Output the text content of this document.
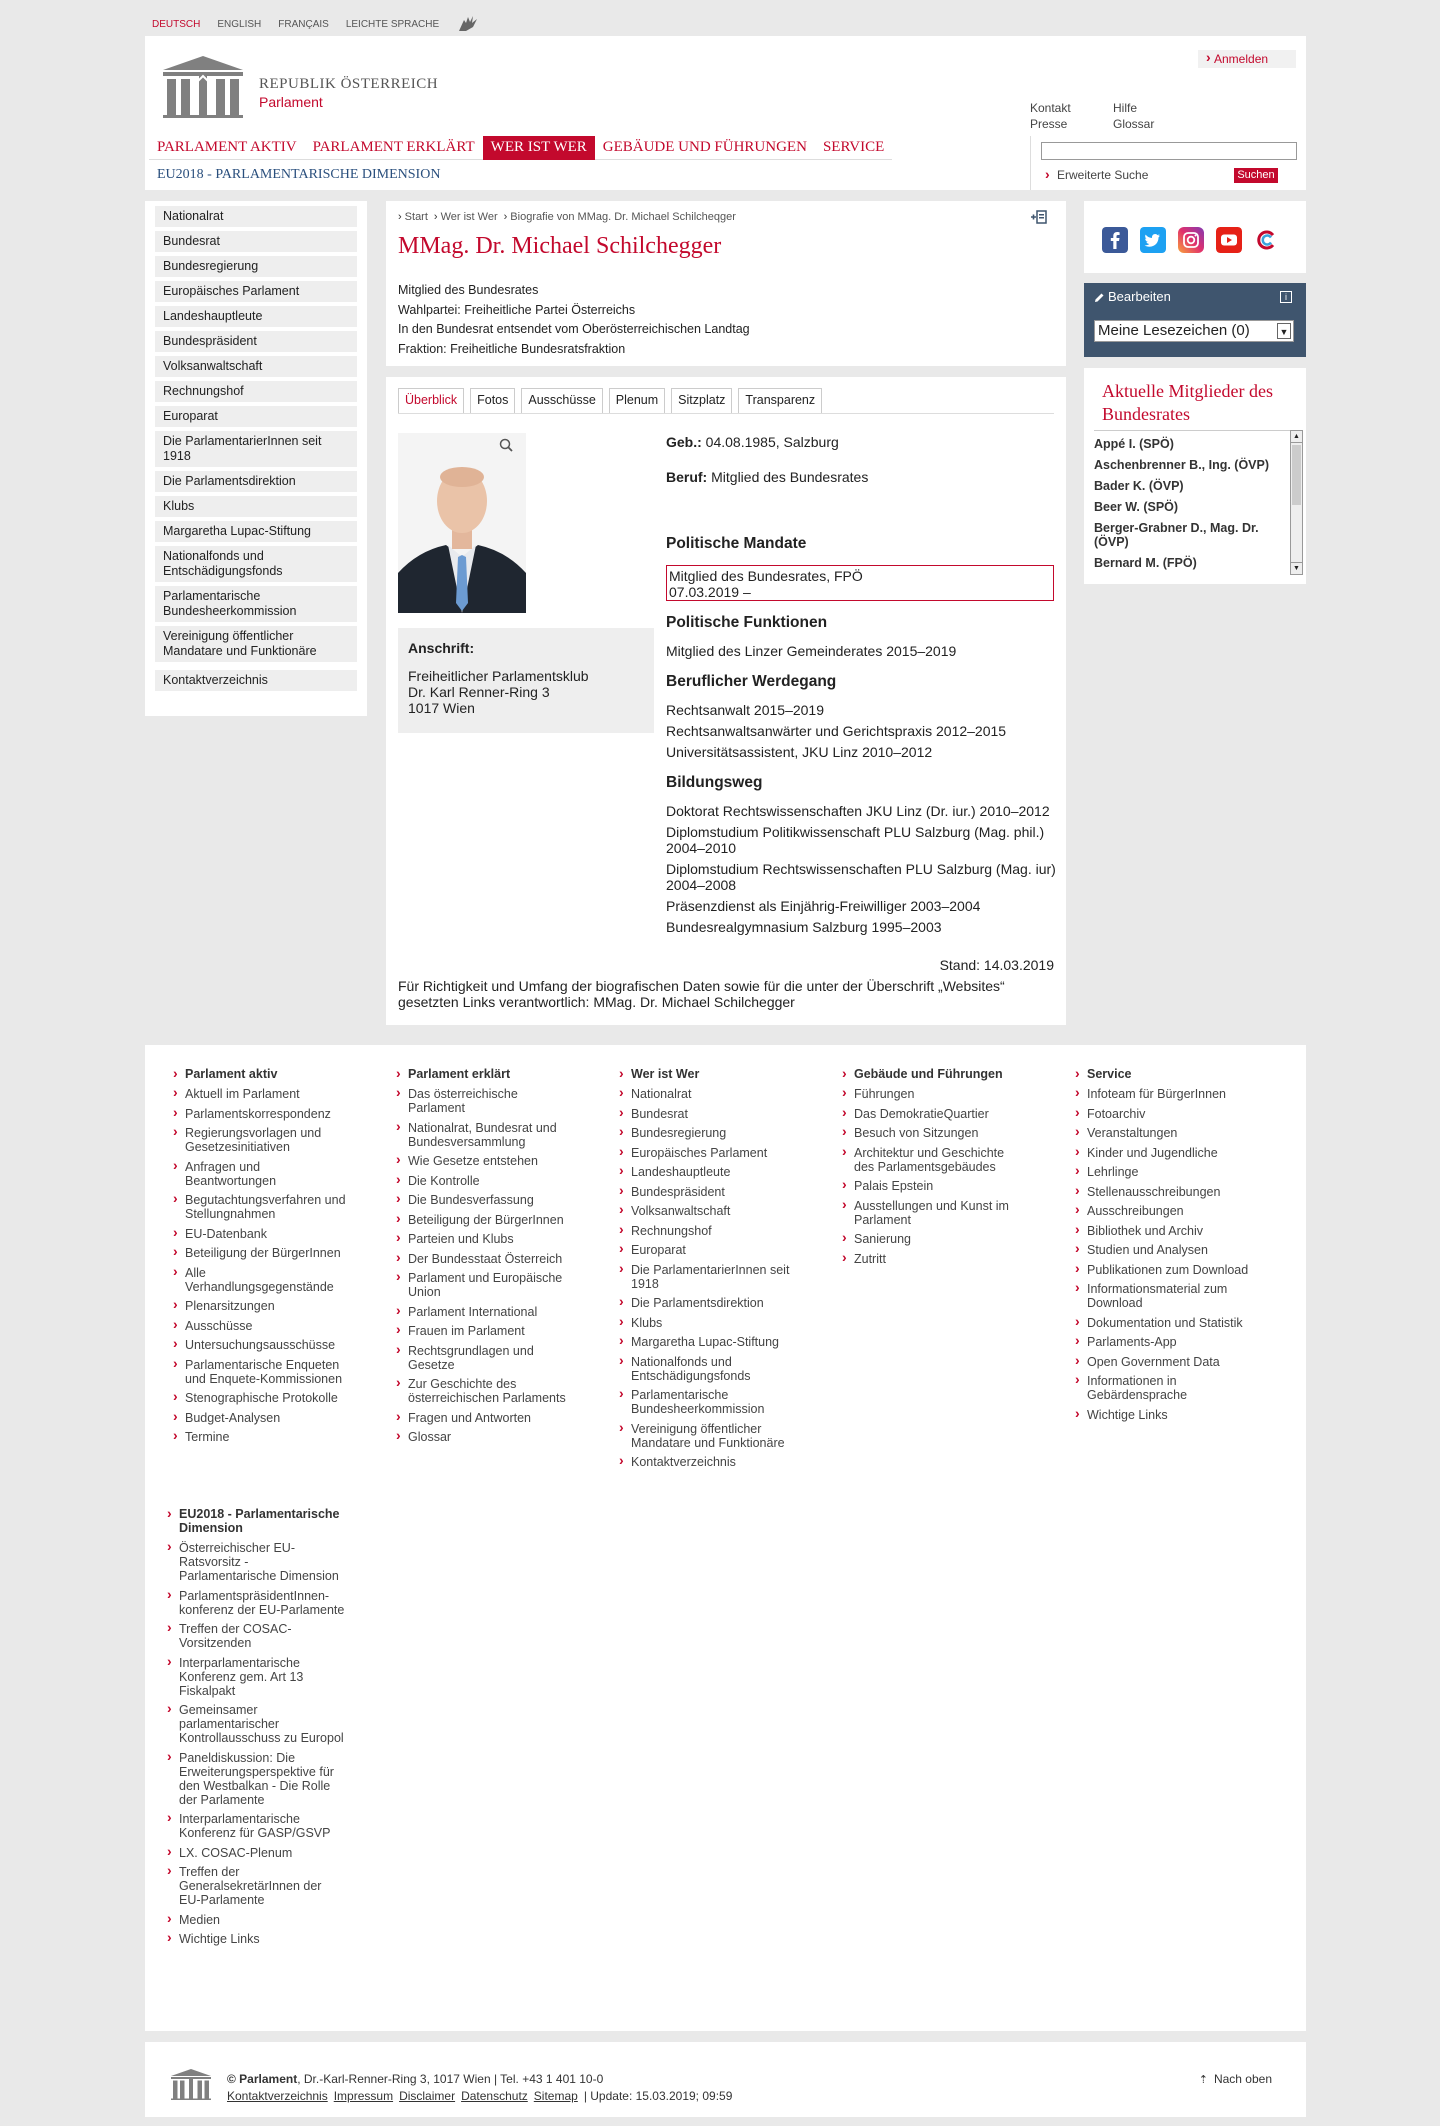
DEUTSCH ENGLISH FRANÇAIS LEICHTE SPRACHE
REPUBLIK ÖSTERREICH
Parlament
› Anmelden
Kontakt	Hilfe
Presse	Glossar
› Erweiterte Suche	Suchen
PARLAMENT AKTIV	PARLAMENT ERKLÄRT	WER IST WER	GEBÄUDE UND FÜHRUNGEN	SERVICE
EU2018 - PARLAMENTARISCHE DIMENSION
Nationalrat
Bundesrat
Bundesregierung
Europäisches Parlament
Landeshauptleute
Bundespräsident
Volksanwaltschaft
Rechnungshof
Europarat
Die ParlamentarierInnen seit 1918
Die Parlamentsdirektion
Klubs
Margaretha Lupac-Stiftung
Nationalfonds und Entschädigungsfonds
Parlamentarische Bundesheerkommission
Vereinigung öffentlicher Mandatare und Funktionäre
Kontaktverzeichnis
› Start	› Wer ist Wer	› Biografie von MMag. Dr. Michael Schilcheqger
MMag. Dr. Michael Schilchegger
Mitglied des Bundesrates
Wahlpartei: Freiheitliche Partei Österreichs
In den Bundesrat entsendet vom Oberösterreichischen Landtag
Fraktion: Freiheitliche Bundesratsfraktion
Überblick	Fotos	Ausschüsse	Plenum	Sitzplatz	Transparenz
Anschrift:
Freiheitlicher Parlamentsklub
Dr. Karl Renner-Ring 3
1017 Wien
Geb.: 04.08.1985, Salzburg
Beruf: Mitglied des Bundesrates
Politische Mandate
Mitglied des Bundesrates, FPÖ
07.03.2019 –
Politische Funktionen
Mitglied des Linzer Gemeinderates 2015–2019
Beruflicher Werdegang
Rechtsanwalt 2015–2019
Rechtsanwaltsanwärter und Gerichtspraxis 2012–2015
Universitätsassistent, JKU Linz 2010–2012
Bildungsweg
Doktorat Rechtswissenschaften JKU Linz (Dr. iur.) 2010–2012
Diplomstudium Politikwissenschaft PLU Salzburg (Mag. phil.) 2004–2010
Diplomstudium Rechtswissenschaften PLU Salzburg (Mag. iur) 2004–2008
Präsenzdienst als Einjährig-Freiwilliger 2003–2004
Bundesrealgymnasium Salzburg 1995–2003
Stand: 14.03.2019
Für Richtigkeit und Umfang der biografischen Daten sowie für die unter der Überschrift „Websites“ gesetzten Links verantwortlich: MMag. Dr. Michael Schilchegger
Bearbeiten	i
Meine Lesezeichen (0)	▼
Aktuelle Mitglieder des Bundesrates
Appé I. (SPÖ)
Aschenbrenner B., Ing. (ÖVP)
Bader K. (ÖVP)
Beer W. (SPÖ)
Berger-Grabner D., Mag. Dr. (ÖVP)
Bernard M. (FPÖ)
▲
▼
› Parlament aktiv
› Aktuell im Parlament
› Parlamentskorrespondenz
› Regierungsvorlagen und Gesetzesinitiativen
› Anfragen und Beantwortungen
› Begutachtungsverfahren und Stellungnahmen
› EU-Datenbank
› Beteiligung der BürgerInnen
› Alle Verhandlungsgegenstände
› Plenarsitzungen
› Ausschüsse
› Untersuchungsausschüsse
› Parlamentarische Enqueten und Enquete-Kommissionen
› Stenographische Protokolle
› Budget-Analysen
› Termine
› Parlament erklärt
› Das österreichische Parlament
› Nationalrat, Bundesrat und Bundesversammlung
› Wie Gesetze entstehen
› Die Kontrolle
› Die Bundesverfassung
› Beteiligung der BürgerInnen
› Parteien und Klubs
› Der Bundesstaat Österreich
› Parlament und Europäische Union
› Parlament International
› Frauen im Parlament
› Rechtsgrundlagen und Gesetze
› Zur Geschichte des österreichischen Parlaments
› Fragen und Antworten
› Glossar
› Wer ist Wer
› Nationalrat
› Bundesrat
› Bundesregierung
› Europäisches Parlament
› Landeshauptleute
› Bundespräsident
› Volksanwaltschaft
› Rechnungshof
› Europarat
› Die ParlamentarierInnen seit 1918
› Die Parlamentsdirektion
› Klubs
› Margaretha Lupac-Stiftung
› Nationalfonds und Entschädigungsfonds
› Parlamentarische Bundesheerkommission
› Vereinigung öffentlicher Mandatare und Funktionäre
› Kontaktverzeichnis
› Gebäude und Führungen
› Führungen
› Das DemokratieQuartier
› Besuch von Sitzungen
› Architektur und Geschichte des Parlamentsgebäudes
› Palais Epstein
› Ausstellungen und Kunst im Parlament
› Sanierung
› Zutritt
› Service
› Infoteam für BürgerInnen
› Fotoarchiv
› Veranstaltungen
› Kinder und Jugendliche
› Lehrlinge
› Stellenausschreibungen
› Ausschreibungen
› Bibliothek und Archiv
› Studien und Analysen
› Publikationen zum Download
› Informationsmaterial zum Download
› Dokumentation und Statistik
› Parlaments-App
› Open Government Data
› Informationen in Gebärdensprache
› Wichtige Links
› EU2018 - Parlamentarische Dimension
› Österreichischer EU-Ratsvorsitz - Parlamentarische Dimension
› ParlamentspräsidentInnen-konferenz der EU-Parlamente
› Treffen der COSAC-Vorsitzenden
› Interparlamentarische Konferenz gem. Art 13 Fiskalpakt
› Gemeinsamer parlamentarischer Kontrollausschuss zu Europol
› Paneldiskussion: Die Erweiterungsperspektive für den Westbalkan - Die Rolle der Parlamente
› Interparlamentarische Konferenz für GASP/GSVP
› LX. COSAC-Plenum
› Treffen der GeneralsekretärInnen der EU-Parlamente
› Medien
› Wichtige Links
© Parlament, Dr.-Karl-Renner-Ring 3, 1017 Wien | Tel. +43 1 401 10-0
Kontaktverzeichnis Impressum Disclaimer Datenschutz Sitemap | Update: 15.03.2019; 09:59
⇡ Nach oben
